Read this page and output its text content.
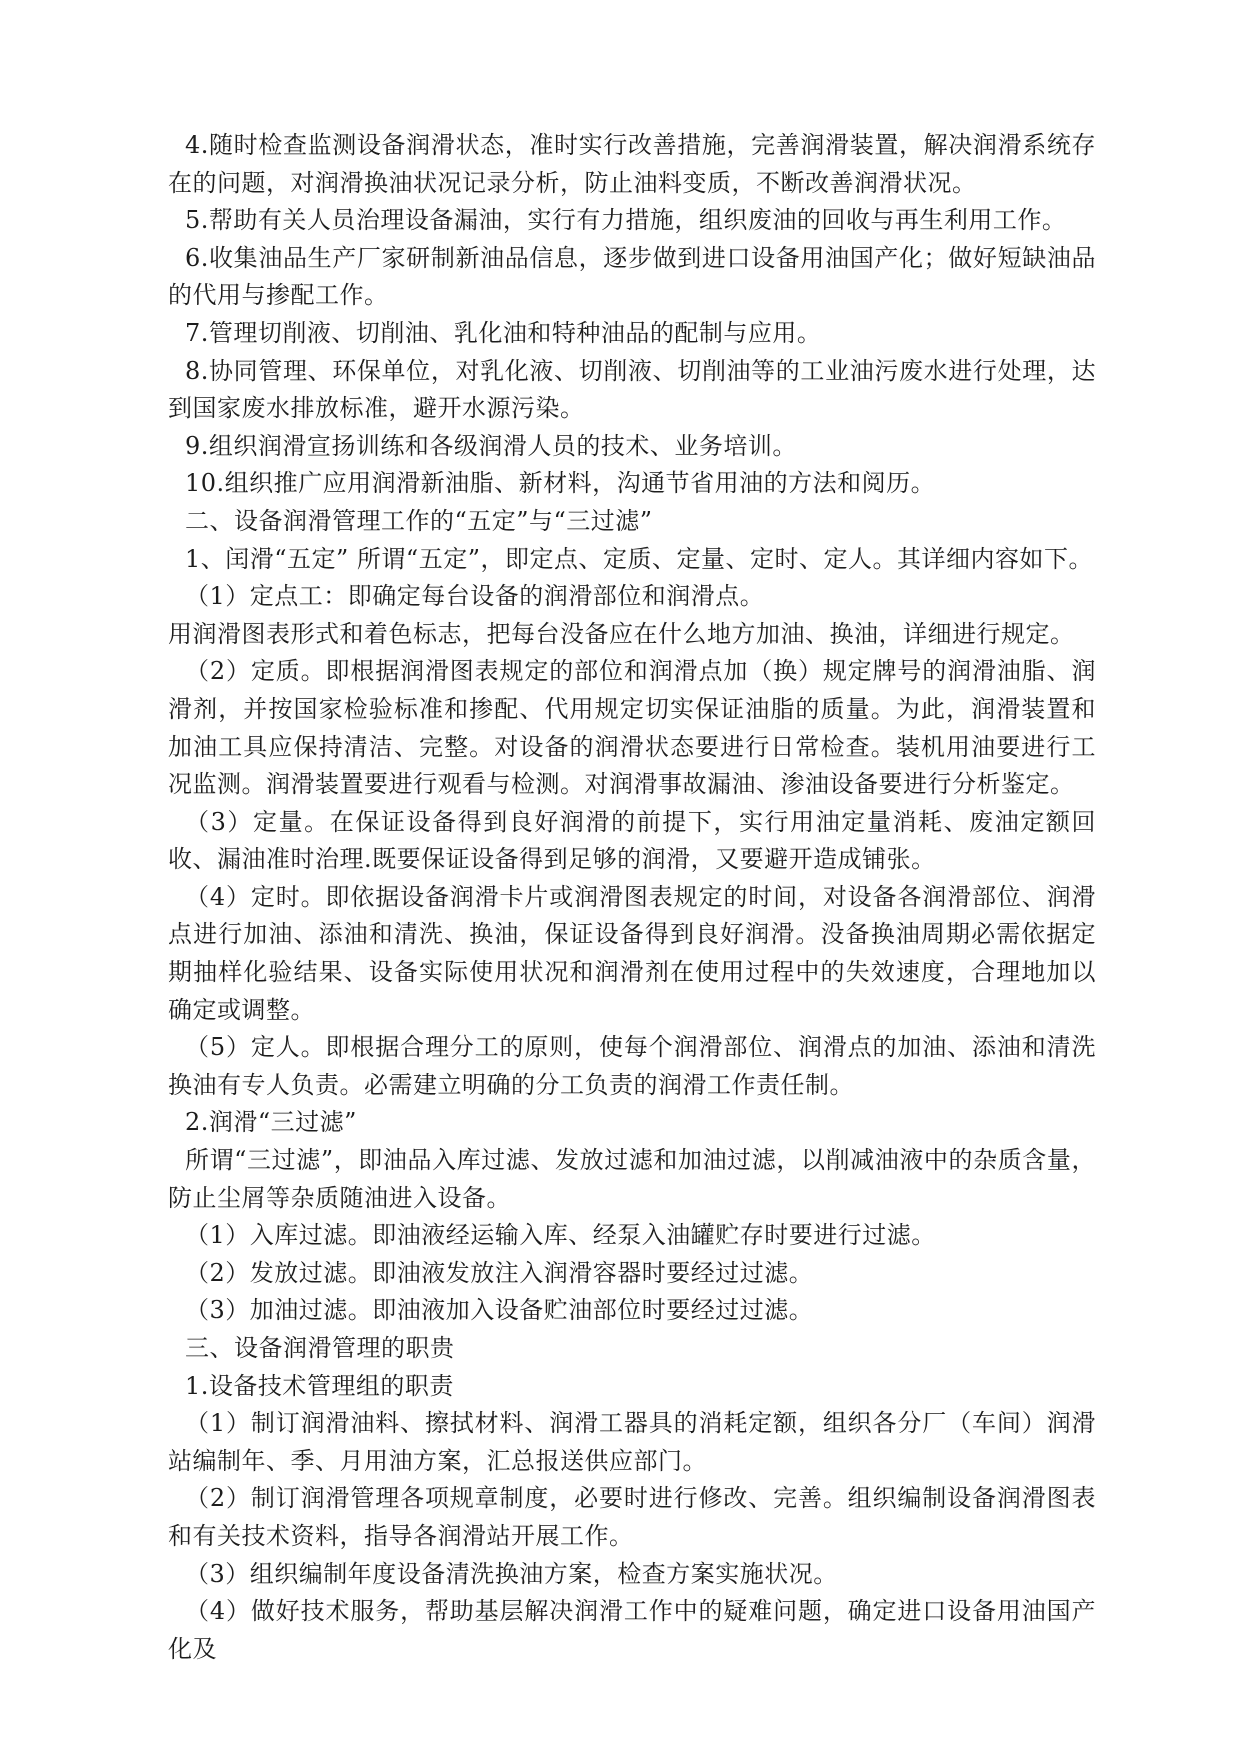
4.随时检查监测设备润滑状态，准时实行改善措施，完善润滑装置，解决润滑系统存在的问题，对润滑换油状况记录分析，防止油料变质，不断改善润滑状况。

5.帮助有关人员治理设备漏油，实行有力措施，组织废油的回收与再生利用工作。

6.收集油品生产厂家研制新油品信息，逐步做到进口设备用油国产化；做好短缺油品的代用与掺配工作。

7.管理切削液、切削油、乳化油和特种油品的配制与应用。

8.协同管理、环保单位，对乳化液、切削液、切削油等的工业油污废水进行处理，达到国家废水排放标准，避开水源污染。

9.组织润滑宣扬训练和各级润滑人员的技术、业务培训。

10.组织推广应用润滑新油脂、新材料，沟通节省用油的方法和阅历。

二、设备润滑管理工作的“五定”与“三过滤”

1、闰滑“五定” 所谓“五定”，即定点、定质、定量、定时、定人。其详细内容如下。

（1）定点工：即确定每台设备的润滑部位和润滑点。

用润滑图表形式和着色标志，把每台没备应在什么地方加油、换油，详细进行规定。

（2）定质。即根据润滑图表规定的部位和润滑点加（换）规定牌号的润滑油脂、润滑剂，并按国家检验标准和掺配、代用规定切实保证油脂的质量。为此，润滑装置和加油工具应保持清洁、完整。对设备的润滑状态要进行日常检查。装机用油要进行工况监测。润滑装置要进行观看与检测。对润滑事故漏油、渗油设备要进行分析鉴定。

（3）定量。在保证设备得到良好润滑的前提下，实行用油定量消耗、废油定额回收、漏油准时治理.既要保证设备得到足够的润滑，又要避开造成铺张。

（4）定时。即依据设备润滑卡片或润滑图表规定的时间，对设备各润滑部位、润滑点进行加油、添油和清洗、换油，保证设备得到良好润滑。没备换油周期必需依据定期抽样化验结果、设备实际使用状况和润滑剂在使用过程中的失效速度，合理地加以确定或调整。

（5）定人。即根据合理分工的原则，使每个润滑部位、润滑点的加油、添油和清洗换油有专人负责。必需建立明确的分工负责的润滑工作责任制。

2.润滑“三过滤”

所谓“三过滤”，即油品入库过滤、发放过滤和加油过滤，以削减油液中的杂质含量，防止尘屑等杂质随油进入设备。

（1）入库过滤。即油液经运输入库、经泵入油罐贮存时要进行过滤。

（2）发放过滤。即油液发放注入润滑容器时要经过过滤。

（3）加油过滤。即油液加入设备贮油部位时要经过过滤。

三、设备润滑管理的职贵

1.设备技术管理组的职责

（1）制订润滑油料、擦拭材料、润滑工器具的消耗定额，组织各分厂（车间）润滑站编制年、季、月用油方案，汇总报送供应部门。

（2）制订润滑管理各项规章制度，必要时进行修改、完善。组织编制设备润滑图表和有关技术资料，指导各润滑站开展工作。

（3）组织编制年度设备清洗换油方案，检查方案实施状况。

（4）做好技术服务，帮助基层解决润滑工作中的疑难问题，确定进口设备用油国产化及
